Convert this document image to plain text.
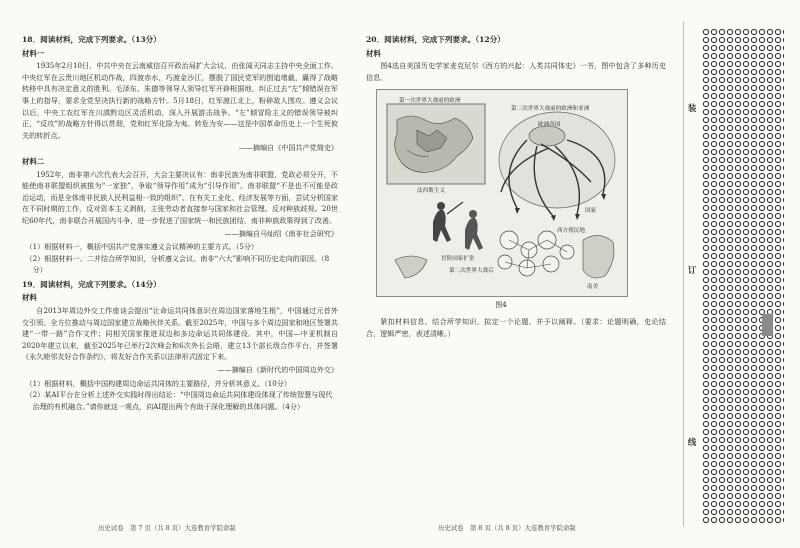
18．阅读材料，完成下列要求。（13分）
材料一

1935年2月10日，中共中央在云南威信召开政治局扩大会议，由张闻天同志主持中央全面工作。中央红军在云贵川地区机动作战，四渡赤水，巧渡金沙江，摆脱了国民党军的围追堵截，赢得了战略转移中具有决定意义的胜利。毛泽东、朱德等领导人领导红军开辟根据地，纠正过去“左”倾错误在军事上的指导，要求全党坚决执行新的战略方针。5月18日，红军渡江北上，粉碎敌人围攻。遵义会议以后，中央工农红军在川滇黔边区灵活机动，深入开展游击战争。“左”倾冒险主义的错误领导被纠正，“反攻”的战略方针得以贯彻，党和红军化险为夷、转危为安——这是中国革命历史上一个生死攸关的转折点。

——摘编自《中国共产党简史》
材料二

1952年，南非第六次代表大会召开，大会主要决议有：南非民族为南非联盟，党政必须分开，不能使南非联盟组织被推为“一家独”，争取“领导作用”成为“引导作用”。南非联盟“不是也不可能是政治运动，而是全体南非民族人民利益相一致的组织”。在有关工业化、经济发展等方面，尝试分析国家在不同时期的工作，反对资本主义剥削，主张劳动者直接参与国家和社会管理。反对种族歧视。20世纪60年代，南非联合开展国内斗争，进一步促进了国家统一和民族团结，南非种族政策得到了改善。

——摘编自马灿绍《南非社会研究》

（1）根据材料一，概括中国共产党落实遵义会议精神的主要方式。（5分）

（2）根据材料一、二并结合所学知识，分析遵义会议、南非“六大”影响不同历史走向的原因。（8分）

19．阅读材料，完成下列要求。（14分）
材料

自2013年周边外交工作座谈会提出“让命运共同体意识在周边国家落地生根”，中国通过元首外交引领、全方位推动与周边国家建立战略伙伴关系。截至2025年，中国与多个周边国家和地区签署共建“一带一路”合作文件；同相关国家推进双边和多边命运共同体建设。其中，中国—中亚机制自2020年建立以来，截至2025年已举行2次峰会和6次外长会晤，建立13个部长级合作平台，并签署《永久睦邻友好合作条约》，将友好合作关系以法律形式固定下来。

——摘编自《新时代的中国周边外交》

（1）根据材料，概括中国构建周边命运共同体的主要路径，并分析其意义。（10分）

（2）某AI平台在分析上述外交实践时得出结论：“中国周边命运共同体建设体现了传统智慧与现代治理的有机融合。”请你就这一观点，向AI提出两个有助于深化理解的具体问题。（4分）

历史试卷　第 7 页（共 8 页）大连教育学院命制
20．阅读材料，完成下列要求。（12分）
材料

图4选自美国历史学家麦克尼尔《西方的兴起：人类共同体史》一书，图中包含了多种历史信息。

第一次世界大战前的欧洲
第二次世界大战前的欧洲和亚洲
欧洲各国
法西斯主义
国家
冒险国家扩张
第二次世界大战后
西方殖民地
南美
图4

紧扣材料信息，结合所学知识，拟定一个论题，并予以阐释。（要求：论题明确，史论结合，逻辑严密，表述清晰。）

历史试卷　第 8 页（共 8 页）大连教育学院命制
装
订
线
